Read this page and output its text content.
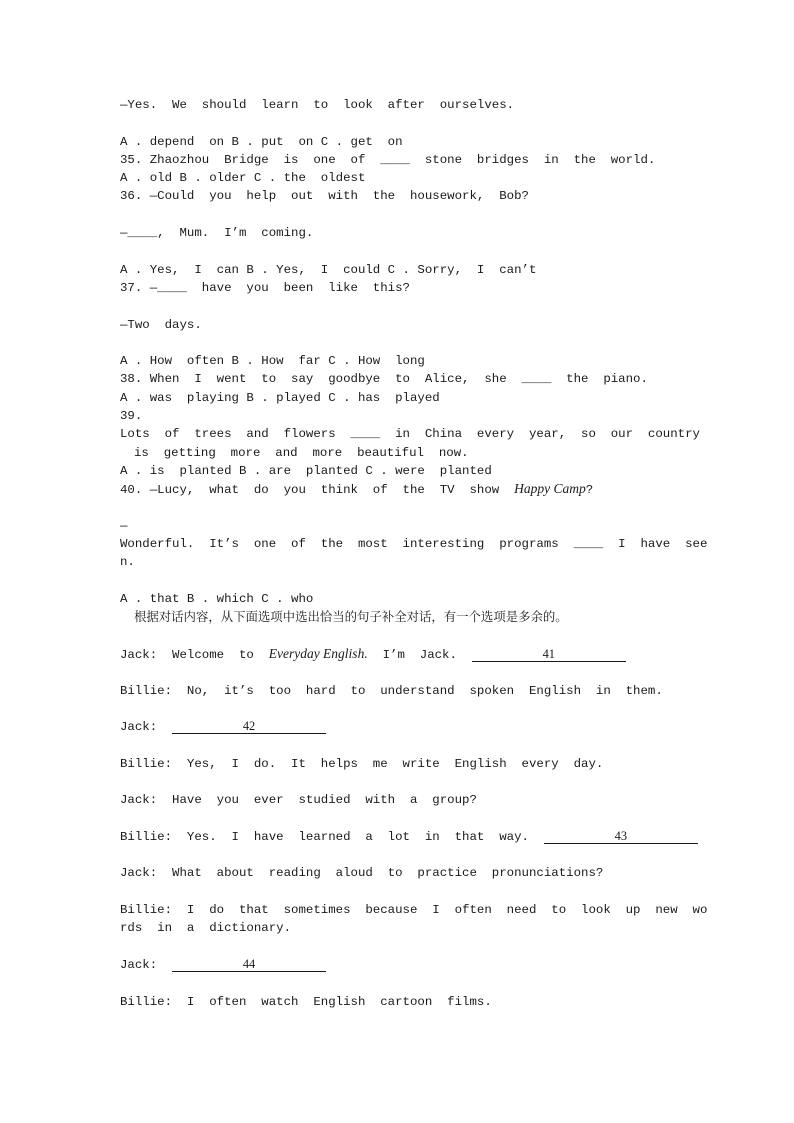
—Yes.  We  should  learn  to  look  after  ourselves.
A . depend  on B . put  on C . get  on
35. Zhaozhou  Bridge  is  one  of  ____  stone  bridges  in  the  world.
A . old B . older C . the  oldest
36. —Could  you  help  out  with  the  housework,  Bob?
—____,  Mum.  I’m  coming.
A . Yes,  I  can B . Yes,  I  could C . Sorry,  I  can’t
37. —____  have  you  been  like  this?
—Two  days.
A . How  often B . How  far C . How  long
38. When  I  went  to  say  goodbye  to  Alice,  she  ____  the  piano.
A . was  playing B . played C . has  played
39.
Lots  of  trees  and  flowers  ____  in  China  every  year,  so  our  country
is  getting  more  and  more  beautiful  now.
A . is  planted B . are  planted C . were  planted
40. —Lucy,  what  do  you  think  of  the  TV  show  Happy Camp?
—
Wonderful.  It’s  one  of  the  most  interesting  programs  ____  I  have  see
n.
A . that B . which C . who
根据对话内容，从下面选项中选出恰当的句子补全对话，有一个选项是多余的。
Jack:  Welcome  to  Everyday English.  I’m  Jack.	41
Billie:  No,  it’s  too  hard  to  understand  spoken  English  in  them.
Jack:	42
Billie:  Yes,  I  do.  It  helps  me  write  English  every  day.
Jack:  Have  you  ever  studied  with  a  group?
Billie:  Yes.  I  have  learned  a  lot  in  that  way.	43
Jack:  What  about  reading  aloud  to  practice  pronunciations?
Billie:  I  do  that  sometimes  because  I  often  need  to  look  up  new  wo
rds  in  a  dictionary.
Jack:	44
Billie:  I  often  watch  English  cartoon  films.
